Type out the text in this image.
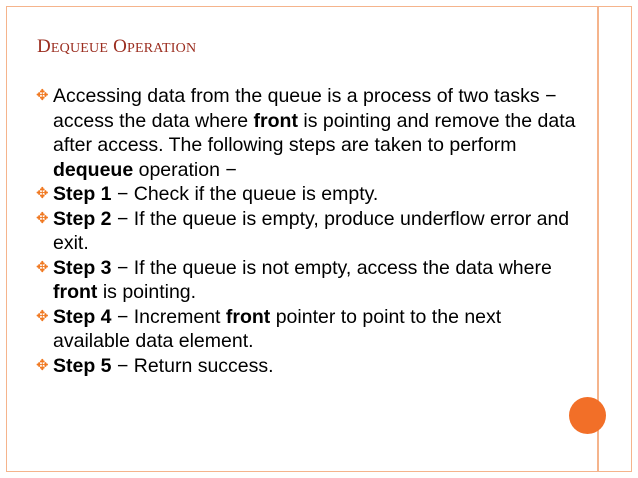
DEQUEUE OPERATION
✥ Accessing data from the queue is a process of two tasks − access the data where front is pointing and remove the data after access. The following steps are taken to perform dequeue operation −
✥ Step 1 − Check if the queue is empty.
✥ Step 2 − If the queue is empty, produce underflow error and exit.
✥ Step 3 − If the queue is not empty, access the data where front is pointing.
✥ Step 4 − Increment front pointer to point to the next available data element.
✥ Step 5 − Return success.
